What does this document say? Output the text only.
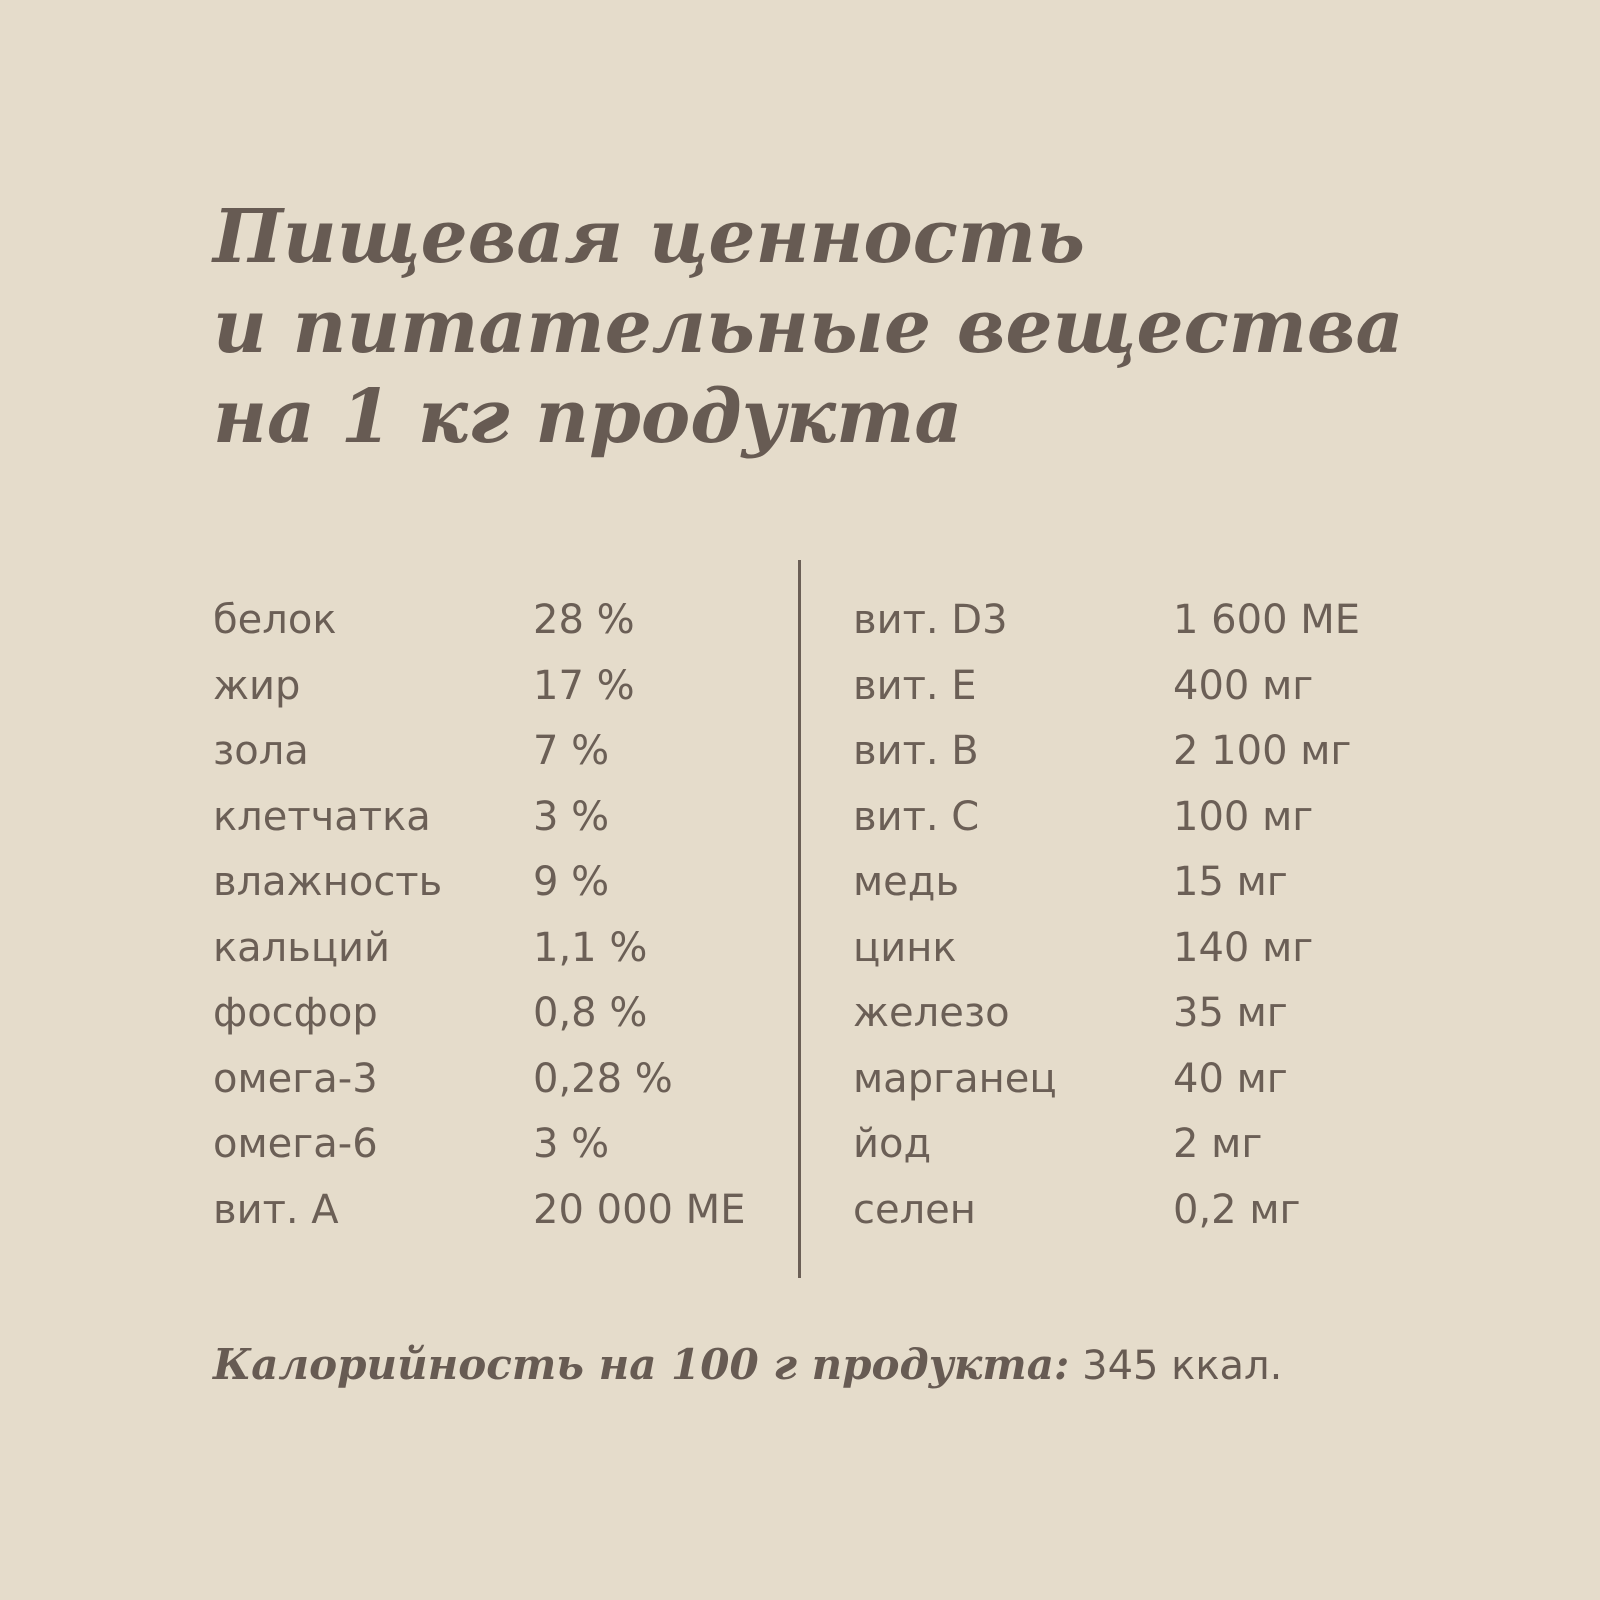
Пищевая ценность
и питательные вещества
на 1 кг продукта
белок	28 %
жир	17 %
зола	7 %
клетчатка	3 %
влажность 9 %
кальций	1,1 %
фосфор	0,8 %
омега-3	0,28 %
омега-6	3 %
вит. А	20 000 МЕ
вит. D3	1 600 МЕ
вит. Е	400 мг
вит. В	2 100 мг
вит. С	100 мг
медь	15 мг
цинк	140 мг
железо	35 мг
марганец	40 мг
йод	2 мг
селен	0,2 мг
Калорийность на 100 г продукта: 345 ккал.
